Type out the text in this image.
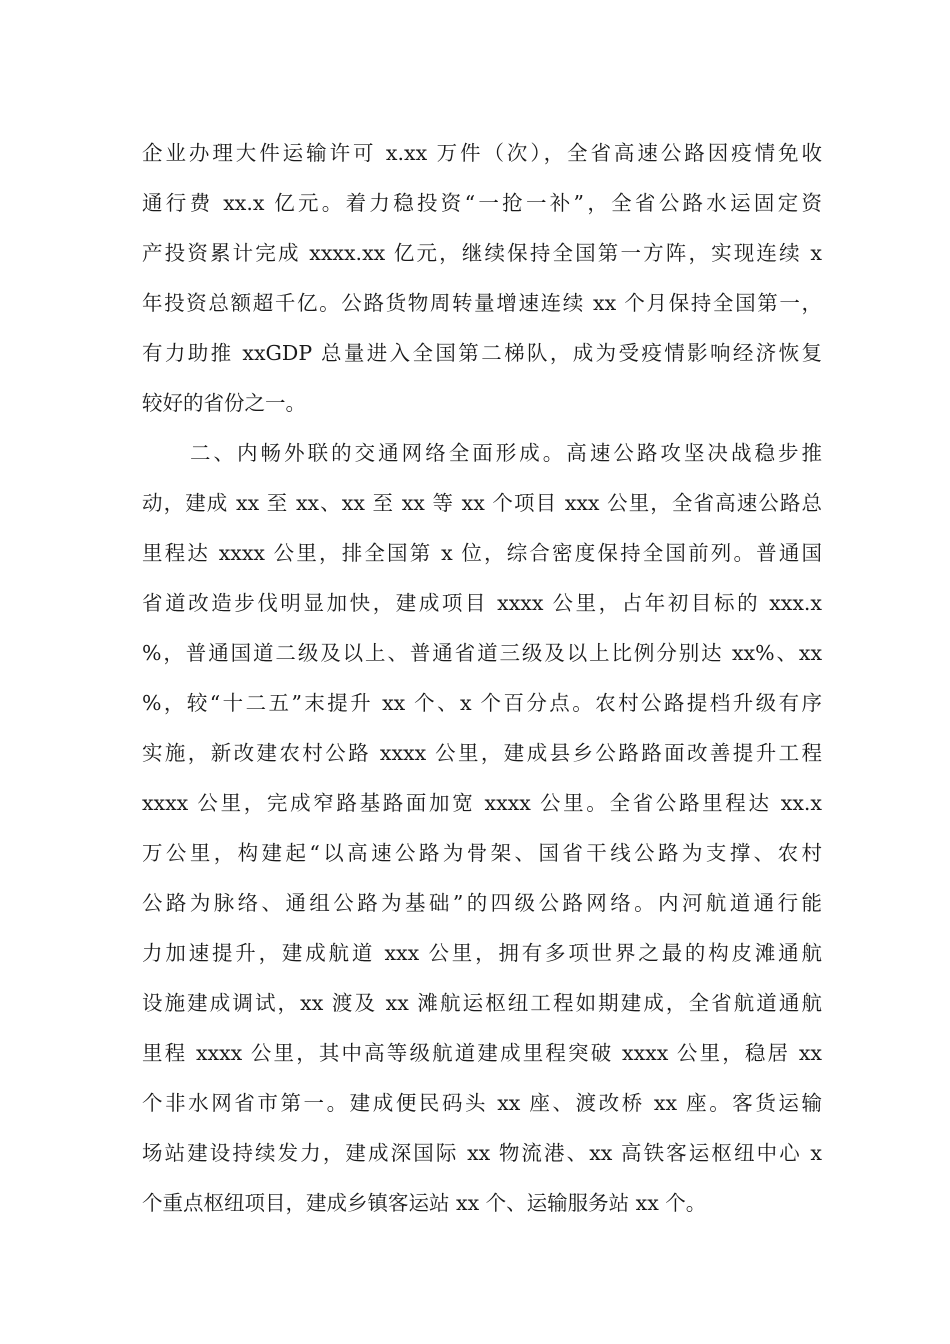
企业办理大件运输许可 x.xx 万件（次），全省高速公路因疫情免收
通行费 xx.x 亿元。着力稳投资“一抢一补”，全省公路水运固定资
产投资累计完成 xxxx.xx 亿元，继续保持全国第一方阵，实现连续 x
年投资总额超千亿。公路货物周转量增速连续 xx 个月保持全国第一，
有力助推 xxGDP 总量进入全国第二梯队，成为受疫情影响经济恢复
较好的省份之一。
二、内畅外联的交通网络全面形成。高速公路攻坚决战稳步推
动，建成 xx 至 xx、xx 至 xx 等 xx 个项目 xxx 公里，全省高速公路总
里程达 xxxx 公里，排全国第 x 位，综合密度保持全国前列。普通国
省道改造步伐明显加快，建成项目 xxxx 公里，占年初目标的 xxx.x
%，普通国道二级及以上、普通省道三级及以上比例分别达 xx%、xx
%，较“十二五”末提升 xx 个、x 个百分点。农村公路提档升级有序
实施，新改建农村公路 xxxx 公里，建成县乡公路路面改善提升工程
xxxx 公里，完成窄路基路面加宽 xxxx 公里。全省公路里程达 xx.x
万公里，构建起“以高速公路为骨架、国省干线公路为支撑、农村
公路为脉络、通组公路为基础”的四级公路网络。内河航道通行能
力加速提升，建成航道 xxx 公里，拥有多项世界之最的构皮滩通航
设施建成调试，xx 渡及 xx 滩航运枢纽工程如期建成，全省航道通航
里程 xxxx 公里，其中高等级航道建成里程突破 xxxx 公里，稳居 xx
个非水网省市第一。建成便民码头 xx 座、渡改桥 xx 座。客货运输
场站建设持续发力，建成深国际 xx 物流港、xx 高铁客运枢纽中心 x
个重点枢纽项目，建成乡镇客运站 xx 个、运输服务站 xx 个。
